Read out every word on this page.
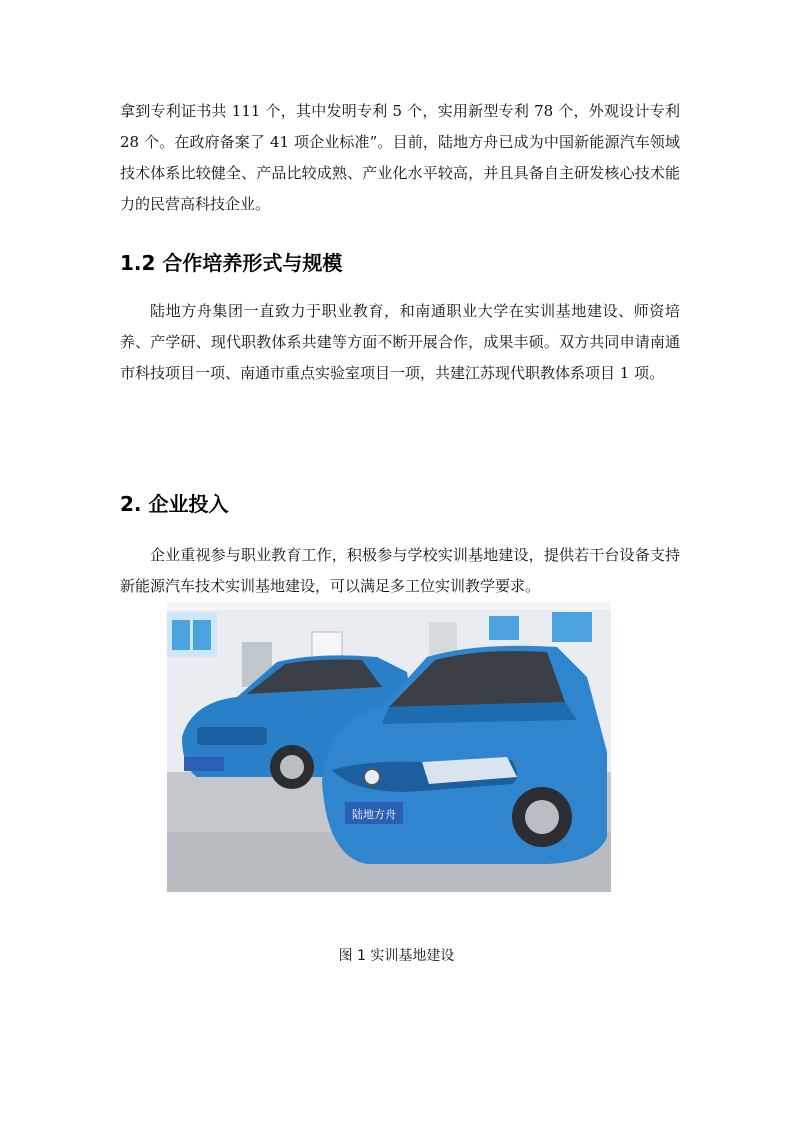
拿到专利证书共 111 个，其中发明专利 5 个，实用新型专利 78 个，外观设计专利 28 个。在政府备案了 41 项企业标准”。目前，陆地方舟已成为中国新能源汽车领域技术体系比较健全、产品比较成熟、产业化水平较高，并且具备自主研发核心技术能力的民营高科技企业。

1.2 合作培养形式与规模

陆地方舟集团一直致力于职业教育，和南通职业大学在实训基地建设、师资培养、产学研、现代职教体系共建等方面不断开展合作，成果丰硕。双方共同申请南通市科技项目一项、南通市重点实验室项目一项，共建江苏现代职教体系项目 1 项。

2. 企业投入

企业重视参与职业教育工作，积极参与学校实训基地建设，提供若干台设备支持新能源汽车技术实训基地建设，可以满足多工位实训教学要求。

陆地方舟
图 1 实训基地建设
